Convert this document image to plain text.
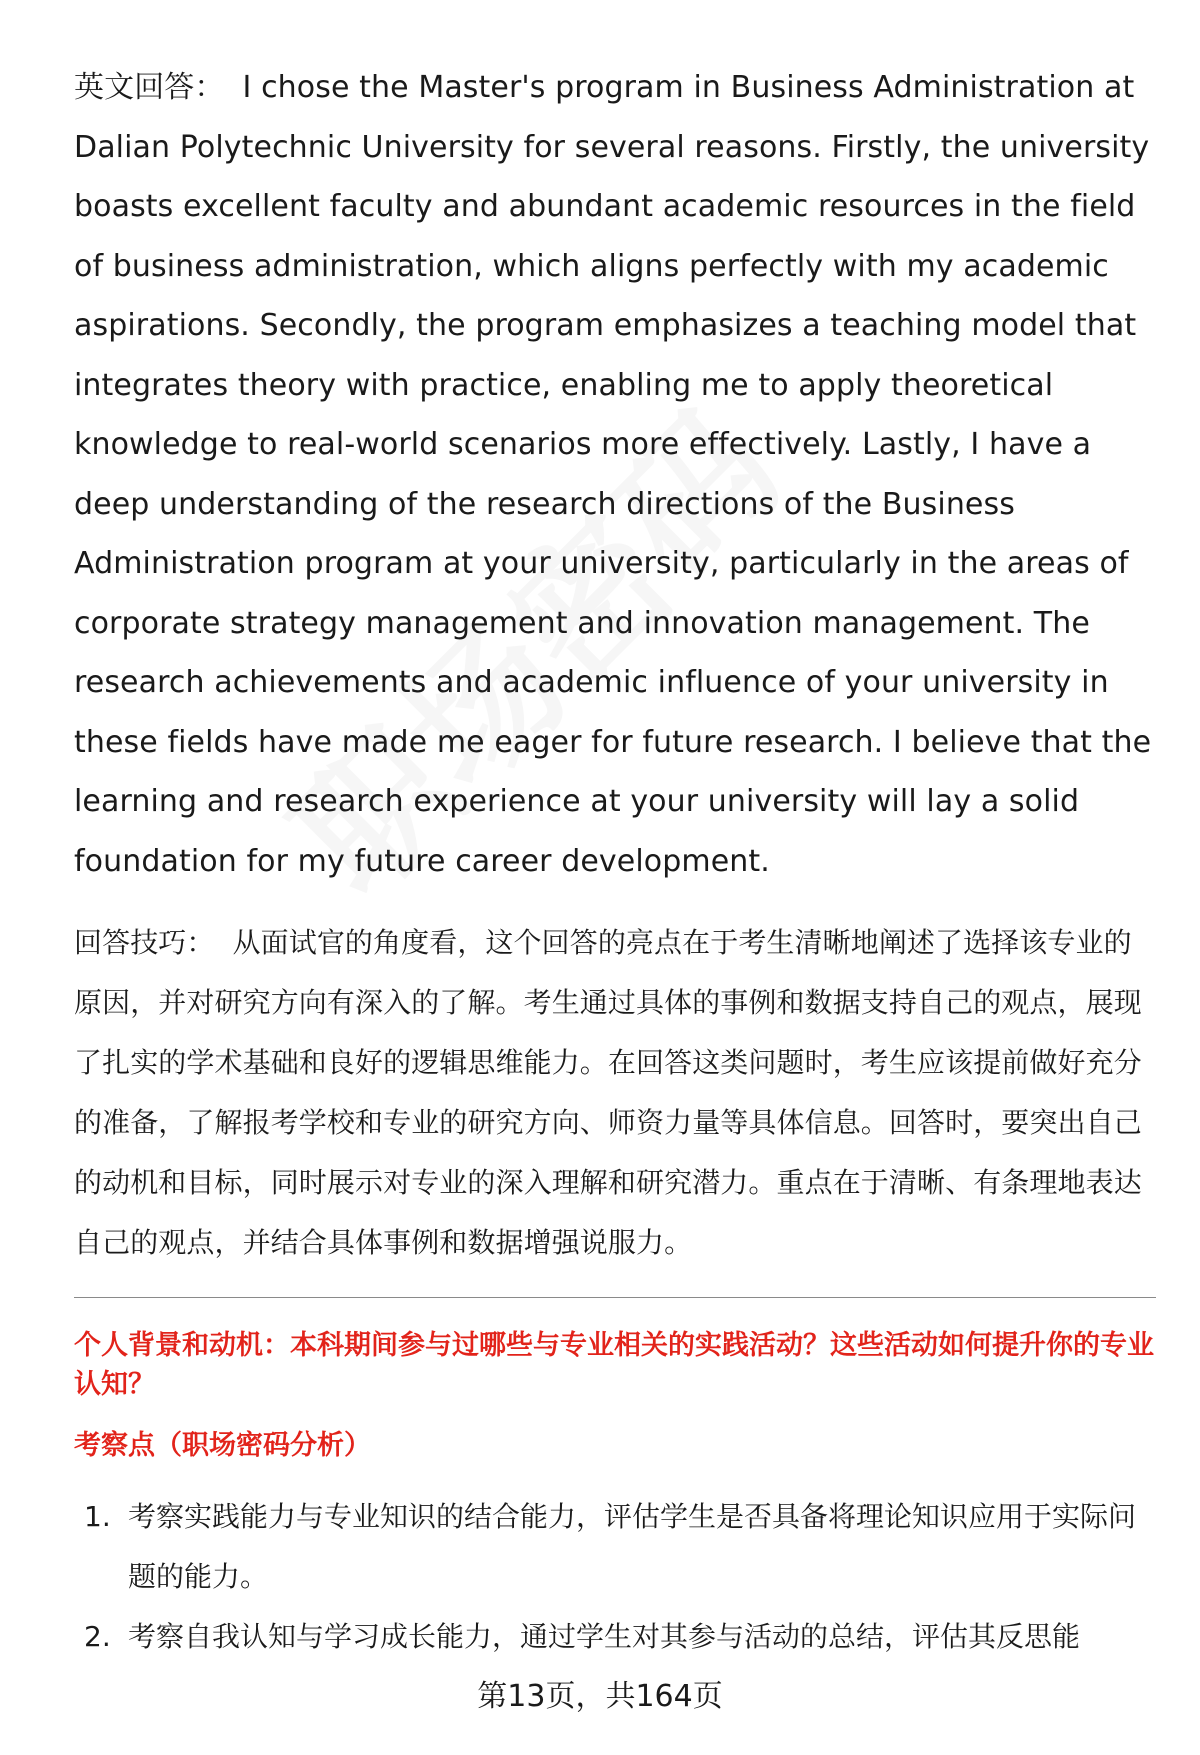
英文回答： I chose the Master's program in Business Administration at Dalian Polytechnic University for several reasons. Firstly, the university boasts excellent faculty and abundant academic resources in the field of business administration, which aligns perfectly with my academic aspirations. Secondly, the program emphasizes a teaching model that integrates theory with practice, enabling me to apply theoretical knowledge to real-world scenarios more effectively. Lastly, I have a deep understanding of the research directions of the Business Administration program at your university, particularly in the areas of corporate strategy management and innovation management. The research achievements and academic influence of your university in these fields have made me eager for future research. I believe that the learning and research experience at your university will lay a solid foundation for my future career development.

回答技巧： 从面试官的角度看，这个回答的亮点在于考生清晰地阐述了选择该专业的原因，并对研究方向有深入的了解。考生通过具体的事例和数据支持自己的观点，展现了扎实的学术基础和良好的逻辑思维能力。在回答这类问题时，考生应该提前做好充分的准备，了解报考学校和专业的研究方向、师资力量等具体信息。回答时，要突出自己的动机和目标，同时展示对专业的深入理解和研究潜力。重点在于清晰、有条理地表达自己的观点，并结合具体事例和数据增强说服力。

个人背景和动机：本科期间参与过哪些与专业相关的实践活动？这些活动如何提升你的专业认知？
考察点（职场密码分析）
1. 考察实践能力与专业知识的结合能力，评估学生是否具备将理论知识应用于实际问题的能力。
2. 考察自我认知与学习成长能力，通过学生对其参与活动的总结，评估其反思能
第13页，共164页
